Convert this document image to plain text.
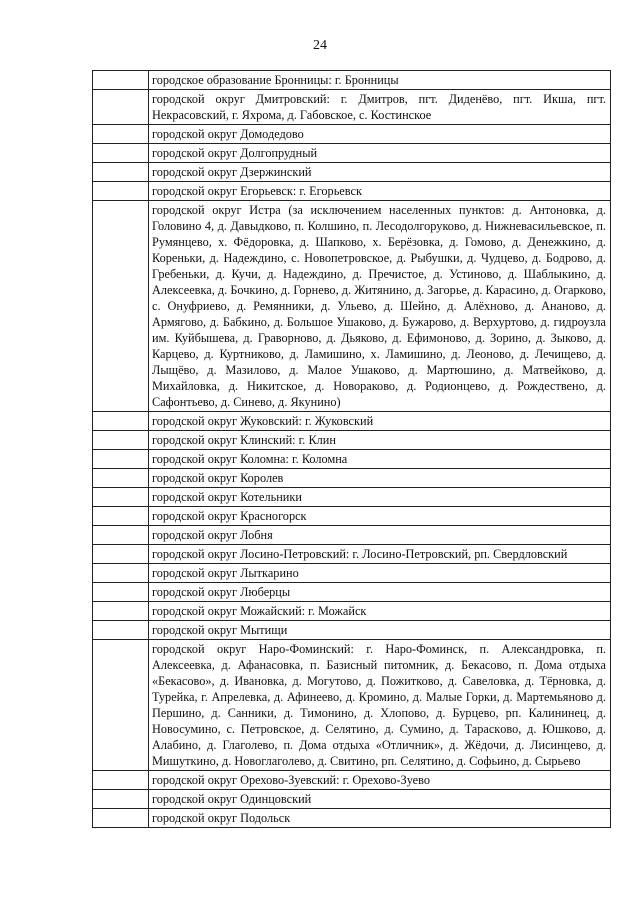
24
	городское образование Бронницы: г. Бронницы
	городской округ Дмитровский: г. Дмитров, пгт. Диденёво, пгт. Икша, пгт. Некрасовский, г. Яхрома, д. Габовское, с. Костинское
	городской округ Домодедово
	городской округ Долгопрудный
	городской округ Дзержинский
	городской округ Егорьевск: г. Егорьевск
	городской округ Истра (за исключением населенных пунктов: д. Антоновка, д. Головино 4, д. Давыдково, п. Колшино, п. Лесодолгоруково, д. Нижневасильевское, п. Румянцево, х. Фёдоровка, д. Шапково, х. Берёзовка, д. Гомово, д. Денежкино, д. Кореньки, д. Надеждино, с. Новопетровское, д. Рыбушки, д. Чудцево, д. Бодрово, д. Гребеньки, д. Кучи, д. Надеждино, д. Пречистое, д. Устиново, д. Шаблыкино, д. Алексеевка, д. Бочкино, д. Горнево, д. Житянино, д. Загорье, д. Карасино, д. Огарково, с. Онуфриево, д. Ремянники, д. Ульево, д. Шейно, д. Алёхново, д. Ананово, д. Армягово, д. Бабкино, д. Большое Ушаково, д. Бужарово, д. Верхуртово, д. гидроузла им. Куйбышева, д. Граворново, д. Дьяково, д. Ефимоново, д. Зорино, д. Зыково, д. Карцево, д. Куртниково, д. Ламишино, х. Ламишино, д. Леоново, д. Лечищево, д. Лыщёво, д. Мазилово, д. Малое Ушаково, д. Мартюшино, д. Матвейково, д. Михайловка, д. Никитское, д. Новораково, д. Родионцево, д. Рождествено, д. Сафонтьево, д. Синево, д. Якунино)
	городской округ Жуковский: г. Жуковский
	городской округ Клинский: г. Клин
	городской округ Коломна: г. Коломна
	городской округ Королев
	городской округ Котельники
	городской округ Красногорск
	городской округ Лобня
	городской округ Лосино-Петровский: г. Лосино-Петровский, рп. Свердловский
	городской округ Лыткарино
	городской округ Люберцы
	городской округ Можайский: г. Можайск
	городской округ Мытищи
	городской округ Наро-Фоминский: г. Наро-Фоминск, п. Александровка, п. Алексеевка, д. Афанасовка, п. Базисный питомник, д. Бекасово, п. Дома отдыха «Бекасово», д. Ивановка, д. Могутово, д. Пожитково, д. Савеловка, д. Тёрновка, д. Турейка, г. Апрелевка, д. Афинеево, д. Кромино, д. Малые Горки, д. Мартемьяново д. Першино, д. Санники, д. Тимонино, д. Хлопово, д. Бурцево, рп. Калининец, д. Новосумино, с. Петровское, д. Селятино, д. Сумино, д. Тараскoво, д. Юшково, д. Алабино, д. Глаголево, п. Дома отдыха «Отличник», д. Жёдочи, д. Лисинцево, д. Мишуткино, д. Новоглаголево, д. Свитино, рп. Селятино, д. Софьино, д. Сырьево
	городской округ Орехово-Зуевский: г. Орехово-Зуево
	городской округ Одинцовский
	городской округ Подольск
